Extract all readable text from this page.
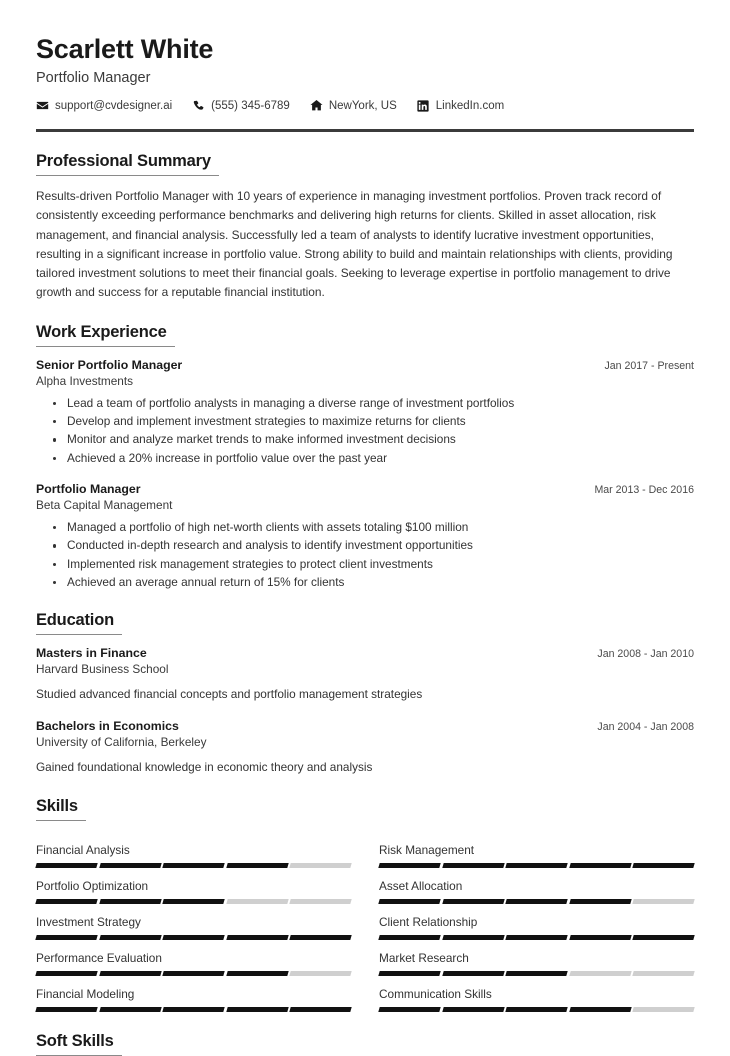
Scarlett White
Portfolio Manager
support@cvdesigner.ai	(555) 345-6789	NewYork, US	LinkedIn.com
Professional Summary
Results-driven Portfolio Manager with 10 years of experience in managing investment portfolios. Proven track record of consistently exceeding performance benchmarks and delivering high returns for clients. Skilled in asset allocation, risk management, and financial analysis. Successfully led a team of analysts to identify lucrative investment opportunities, resulting in a significant increase in portfolio value. Strong ability to build and maintain relationships with clients, providing tailored investment solutions to meet their financial goals. Seeking to leverage expertise in portfolio management to drive growth and success for a reputable financial institution.
Work Experience
Senior Portfolio Manager	Jan 2017 - Present
Alpha Investments
Lead a team of portfolio analysts in managing a diverse range of investment portfolios
Develop and implement investment strategies to maximize returns for clients
Monitor and analyze market trends to make informed investment decisions
Achieved a 20% increase in portfolio value over the past year
Portfolio Manager	Mar 2013 - Dec 2016
Beta Capital Management
Managed a portfolio of high net-worth clients with assets totaling $100 million
Conducted in-depth research and analysis to identify investment opportunities
Implemented risk management strategies to protect client investments
Achieved an average annual return of 15% for clients
Education
Masters in Finance	Jan 2008 - Jan 2010
Harvard Business School
Studied advanced financial concepts and portfolio management strategies
Bachelors in Economics	Jan 2004 - Jan 2008
University of California, Berkeley
Gained foundational knowledge in economic theory and analysis
Skills
Financial Analysis	Risk Management
Portfolio Optimization	Asset Allocation
Investment Strategy	Client Relationship
Performance Evaluation	Market Research
Financial Modeling	Communication Skills
Soft Skills
